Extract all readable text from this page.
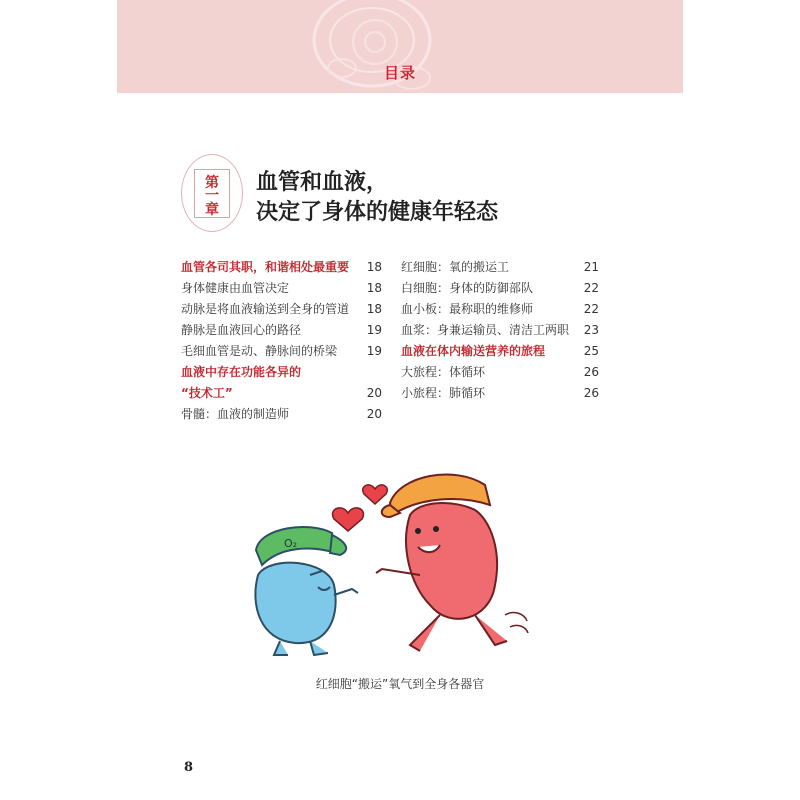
目录
第
一
章
血管和血液，
决定了身体的健康年轻态
血管各司其职，和谐相处最重要 18
身体健康由血管决定	18
动脉是将血液输送到全身的管道 18
静脉是血液回心的路径	19
毛细血管是动、静脉间的桥梁 19
血液中存在功能各异的
“技术工”	20
骨髓：血液的制造师	20
红细胞：氧的搬运工	21
白细胞：身体的防御部队	22
血小板：最称职的维修师	22
血浆：身兼运输员、清洁工两职 23
血液在体内输送营养的旅程	25
大旅程：体循环	26
小旅程：肺循环	26
O₂
红细胞“搬运”氧气到全身各器官
8
